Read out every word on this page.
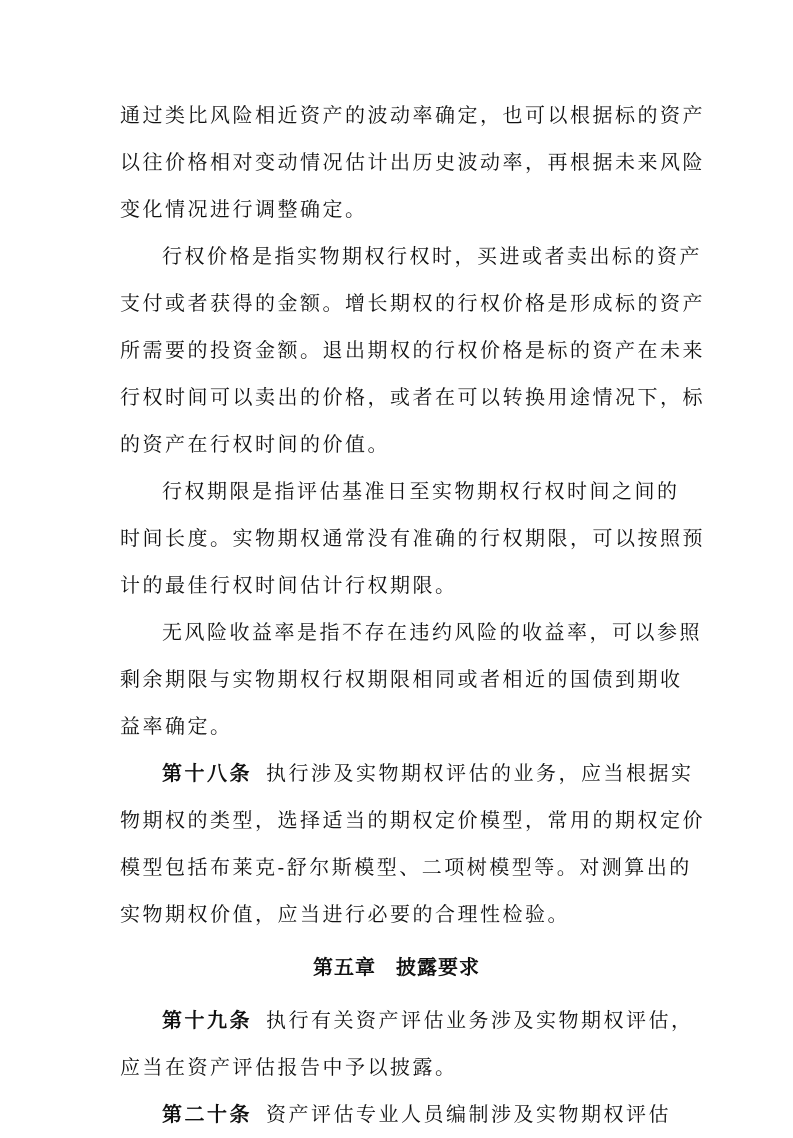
通过类比风险相近资产的波动率确定，也可以根据标的资产
以往价格相对变动情况估计出历史波动率，再根据未来风险
变化情况进行调整确定。
行权价格是指实物期权行权时，买进或者卖出标的资产
支付或者获得的金额。增长期权的行权价格是形成标的资产
所需要的投资金额。退出期权的行权价格是标的资产在未来
行权时间可以卖出的价格，或者在可以转换用途情况下，标
的资产在行权时间的价值。
行权期限是指评估基准日至实物期权行权时间之间的
时间长度。实物期权通常没有准确的行权期限，可以按照预
计的最佳行权时间估计行权期限。
无风险收益率是指不存在违约风险的收益率，可以参照
剩余期限与实物期权行权期限相同或者相近的国债到期收
益率确定。
第十八条 执行涉及实物期权评估的业务，应当根据实
物期权的类型，选择适当的期权定价模型，常用的期权定价
模型包括布莱克-舒尔斯模型、二项树模型等。对测算出的
实物期权价值，应当进行必要的合理性检验。
第五章 披露要求
第十九条 执行有关资产评估业务涉及实物期权评估，
应当在资产评估报告中予以披露。
第二十条 资产评估专业人员编制涉及实物期权评估
